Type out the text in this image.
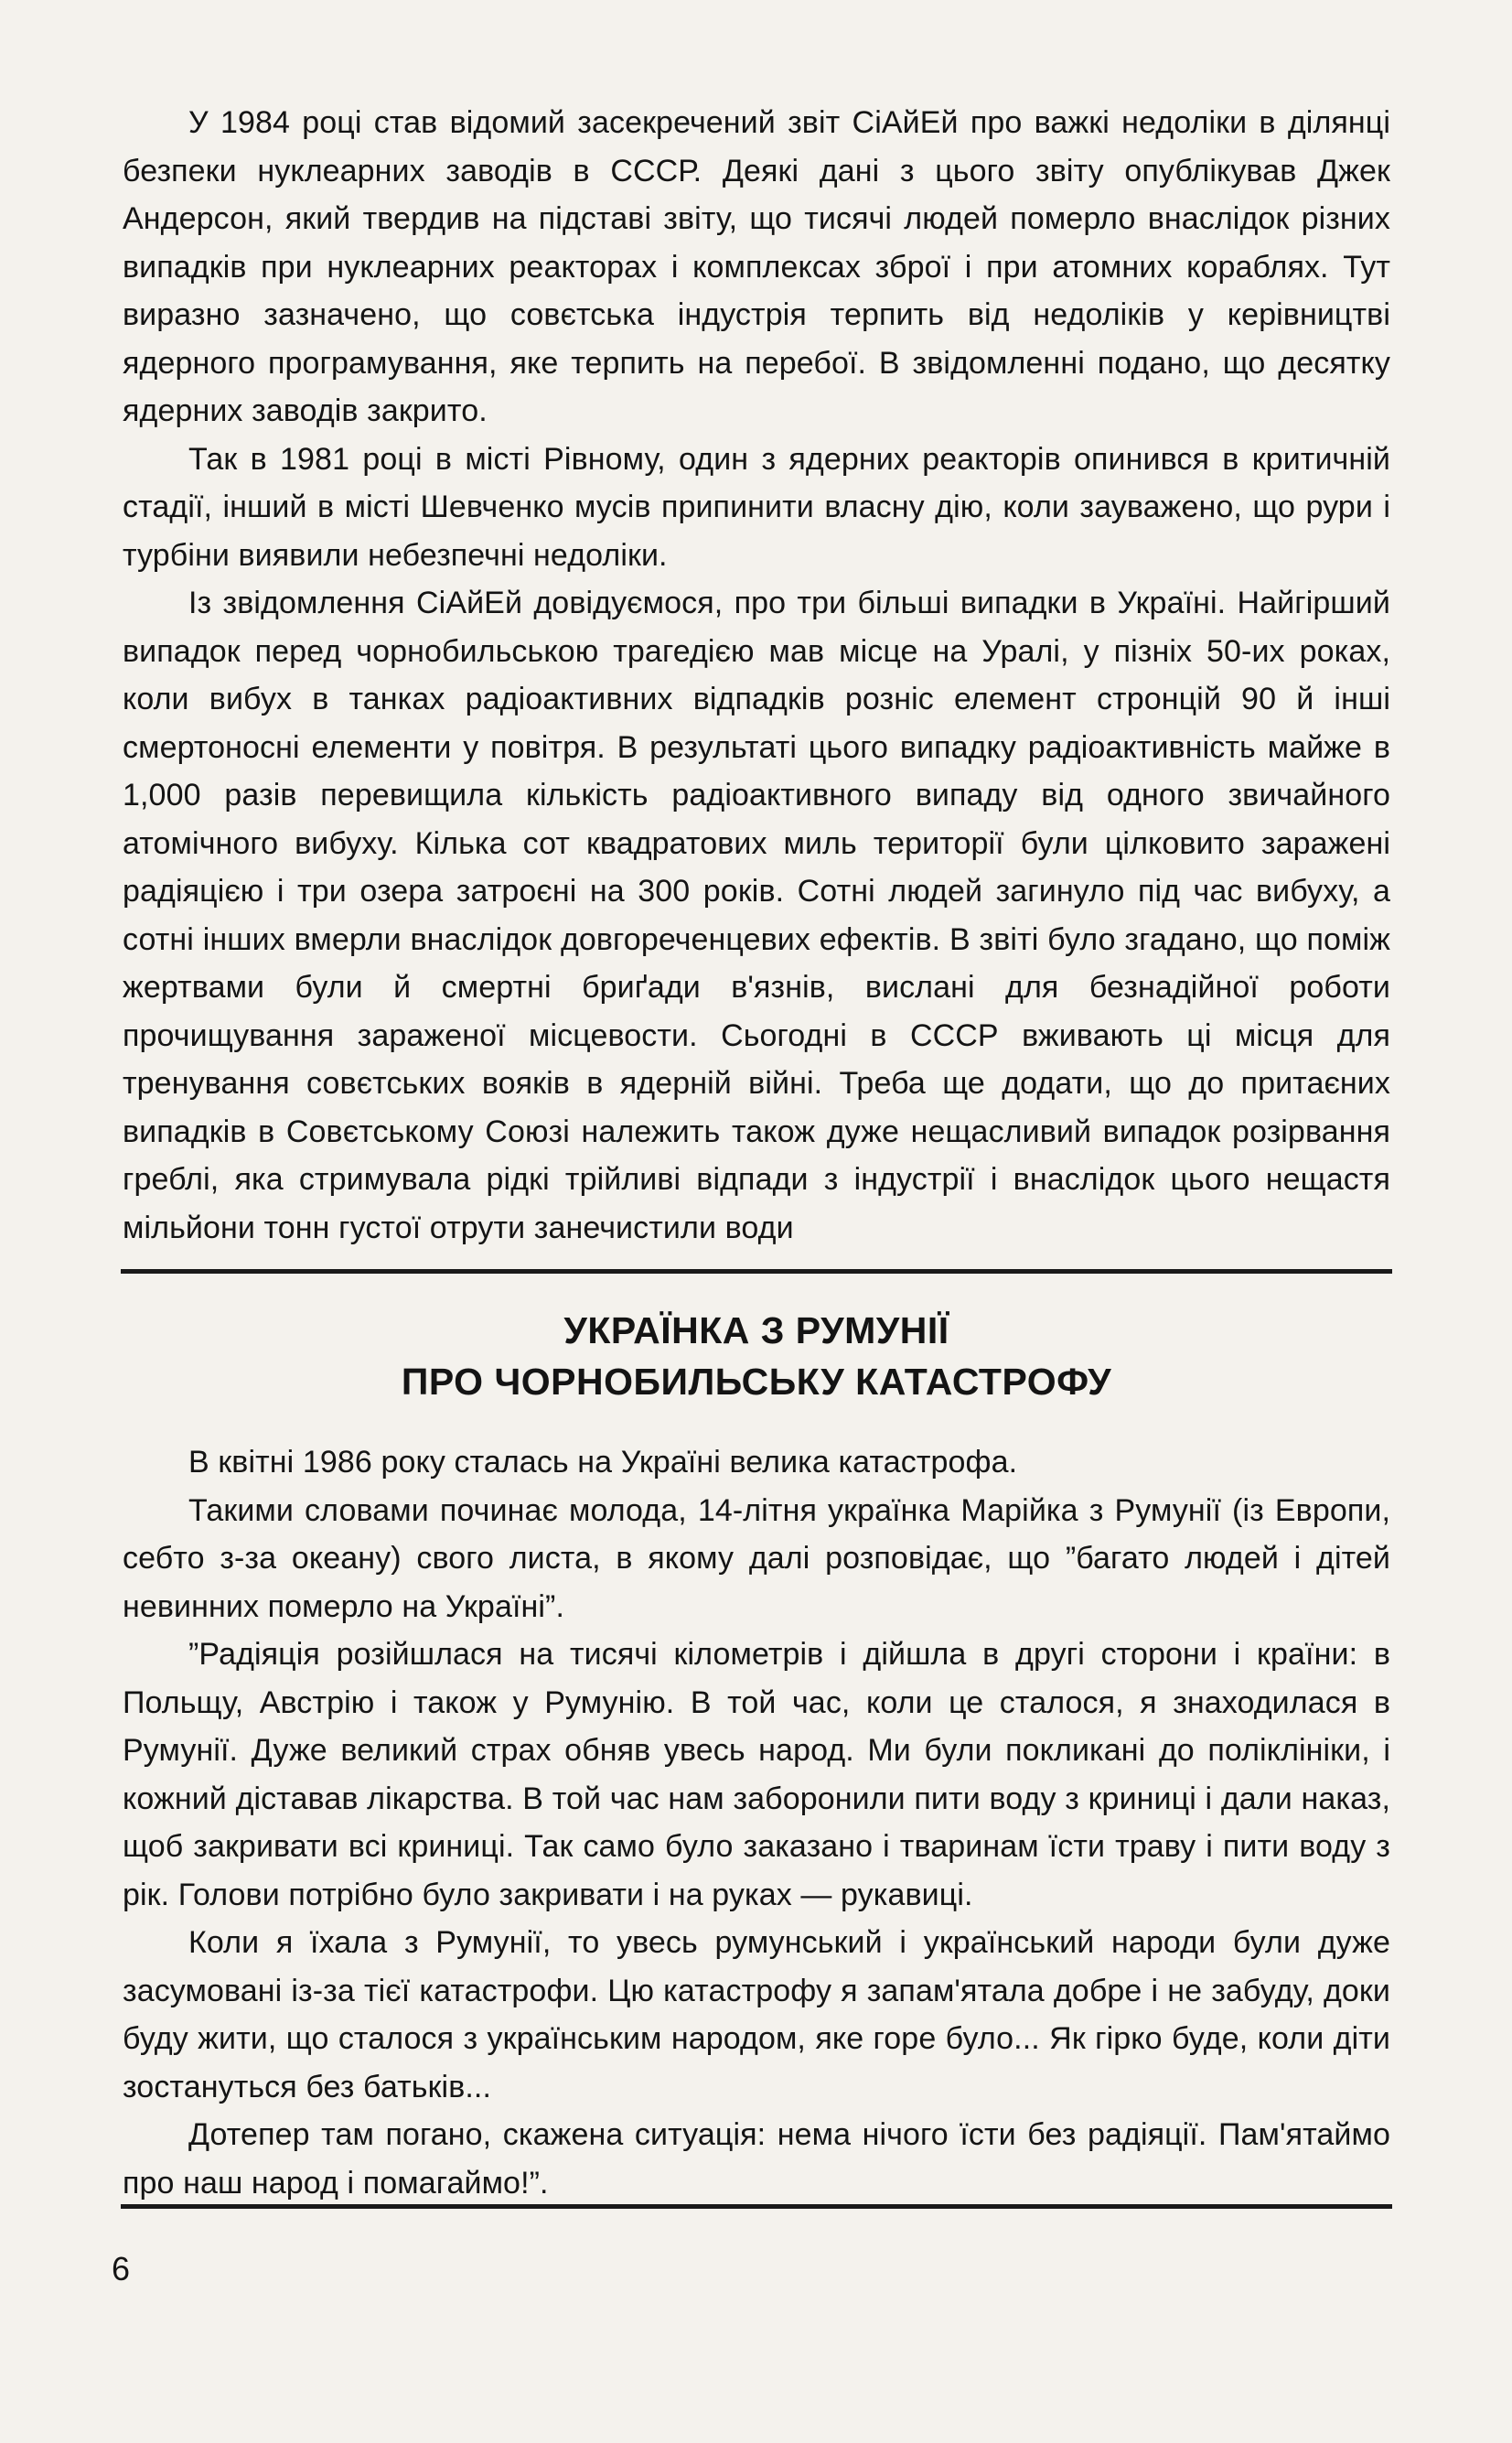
У 1984 році став відомий засекречений звіт СіАйЕй про важкі недоліки в ділянці безпеки нуклеарних заводів в СССР. Деякі дані з цього звіту опублікував Джек Андерсон, який твердив на підставі звіту, що тисячі людей померло внаслідок різних випадків при нуклеарних реакторах і комплексах зброї і при атомних кораблях. Тут виразно зазначено, що совєтська індустрія терпить від недоліків у керівництві ядерного програмування, яке терпить на перебої. В звідомленні подано, що десятку ядерних заводів закрито.

Так в 1981 році в місті Рівному, один з ядерних реакторів опинився в критичній стадії, інший в місті Шевченко мусів припинити власну дію, коли зауважено, що рури і турбіни виявили небезпечні недоліки.

Із звідомлення СіАйЕй довідуємося, про три більші випадки в Україні. Найгірший випадок перед чорнобильською трагедією мав місце на Уралі, у пізніх 50-их роках, коли вибух в танках радіоактивних відпадків розніс елемент стронцій 90 й інші смертоносні елементи у повітря. В результаті цього випадку радіоактивність майже в 1,000 разів перевищила кількість радіоактивного випаду від одного звичайного атомічного вибуху. Кілька сот квадратових миль території були цілковито заражені радіяцією і три озера затроєні на 300 років. Сотні людей загинуло під час вибуху, а сотні інших вмерли внаслідок довгореченцевих ефектів. В звіті було згадано, що поміж жертвами були й смертні бриґади в'язнів, вислані для безнадійної роботи прочищування зараженої місцевости. Сьогодні в СССР вживають ці місця для тренування совєтських вояків в ядерній війні. Треба ще додати, що до притаєних випадків в Совєтському Союзі належить також дуже нещасливий випадок розірвання греблі, яка стримувала рідкі трійливі відпади з індустрії і внаслідок цього нещастя мільйони тонн густої отрути занечистили води

УКРАЇНКА З РУМУНІЇ
ПРО ЧОРНОБИЛЬСЬКУ КАТАСТРОФУ

В квітні 1986 року сталась на Україні велика катастрофа.

Такими словами починає молода, 14-літня українка Марійка з Румунії (із Европи, себто з-за океану) свого листа, в якому далі розповідає, що ”багато людей і дітей невинних померло на Україні”.

”Радіяція розійшлася на тисячі кілометрів і дійшла в другі сторони і країни: в Польщу, Австрію і також у Румунію. В той час, коли це сталося, я знаходилася в Румунії. Дуже великий страх обняв увесь народ. Ми були покликані до поліклініки, і кожний діставав лікарства. В той час нам заборонили пити воду з криниці і дали наказ, щоб закривати всі криниці. Так само було заказано і тваринам їсти траву і пити воду з рік. Голови потрібно було закривати і на руках — рукавиці.

Коли я їхала з Румунії, то увесь румунський і український народи були дуже засумовані із-за тієї катастрофи. Цю катастрофу я запам'ятала добре і не забуду, доки буду жити, що сталося з українським народом, яке горе було... Як гірко буде, коли діти зостануться без батьків...

Дотепер там погано, скажена ситуація: нема нічого їсти без радіяції. Пам'ятаймо про наш народ і помагаймо!”.

6
